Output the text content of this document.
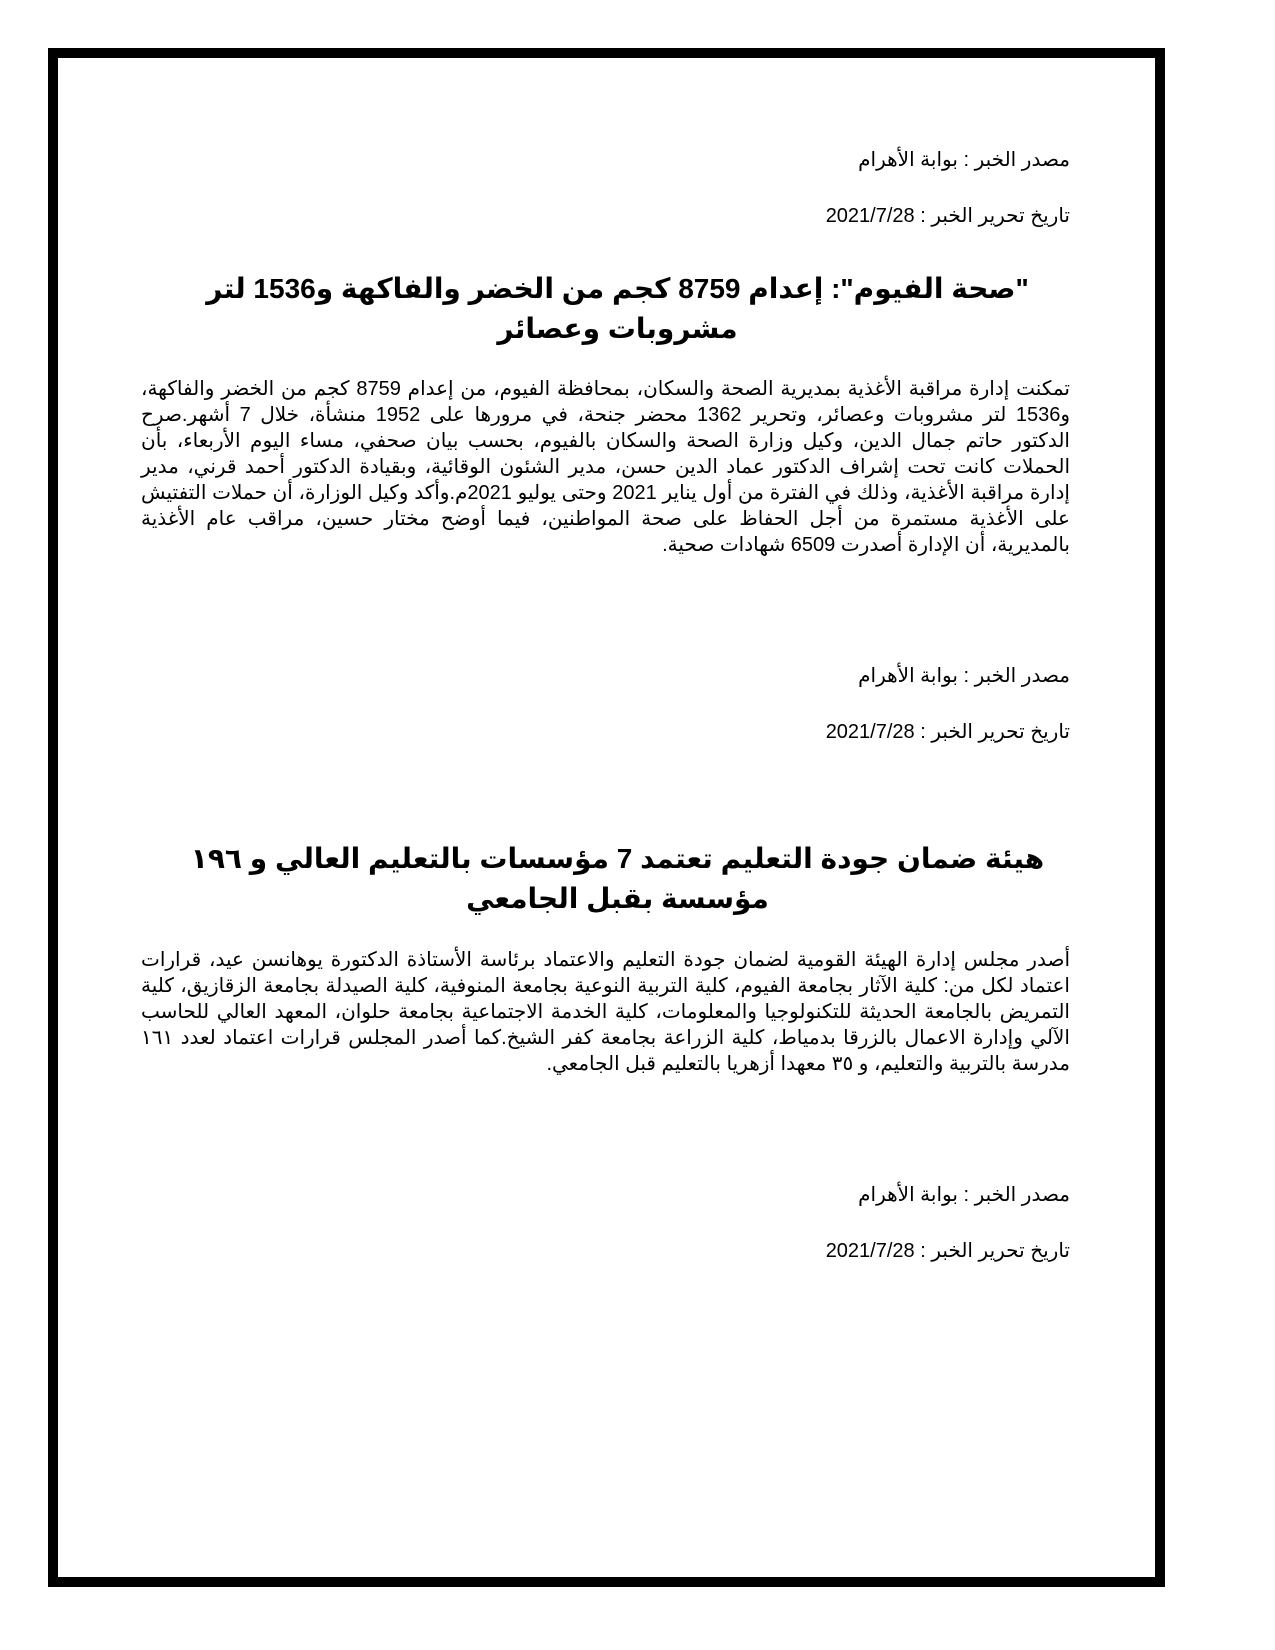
مصدر الخبر : بوابة الأهرام
تاريخ تحرير الخبر : 2021/7/28
"صحة الفيوم": إعدام 8759 كجم من الخضر والفاكهة و1536 لتر مشروبات وعصائر
تمكنت إدارة مراقبة الأغذية بمديرية الصحة والسكان، بمحافظة الفيوم، من إعدام 8759 كجم من الخضر والفاكهة، و1536 لتر مشروبات وعصائر، وتحرير 1362 محضر جنحة، في مرورها على 1952 منشأة، خلال 7 أشهر.صرح الدكتور حاتم جمال الدين، وكيل وزارة الصحة والسكان بالفيوم، بحسب بيان صحفي، مساء اليوم الأربعاء، بأن الحملات كانت تحت إشراف الدكتور عماد الدين حسن، مدير الشئون الوقائية، وبقيادة الدكتور أحمد قرني، مدير إدارة مراقبة الأغذية، وذلك في الفترة من أول يناير 2021 وحتى يوليو 2021م.وأكد وكيل الوزارة، أن حملات التفتيش على الأغذية مستمرة من أجل الحفاظ على صحة المواطنين، فيما أوضح مختار حسين، مراقب عام الأغذية بالمديرية، أن الإدارة أصدرت 6509 شهادات صحية.
مصدر الخبر : بوابة الأهرام
تاريخ تحرير الخبر : 2021/7/28
هيئة ضمان جودة التعليم تعتمد 7 مؤسسات بالتعليم العالي و ١٩٦ مؤسسة بقبل الجامعي
أصدر مجلس إدارة الهيئة القومية لضمان جودة التعليم والاعتماد برئاسة الأستاذة الدكتورة يوهانسن عيد، قرارات اعتماد لكل من: كلية الآثار بجامعة الفيوم، كلية التربية النوعية بجامعة المنوفية، كلية الصيدلة بجامعة الزقازيق، كلية التمريض بالجامعة الحديثة للتكنولوجيا والمعلومات، كلية الخدمة الاجتماعية بجامعة حلوان، المعهد العالي للحاسب الآلي وإدارة الاعمال بالزرقا بدمياط، كلية الزراعة بجامعة كفر الشيخ.كما أصدر المجلس قرارات اعتماد لعدد ١٦١ مدرسة بالتربية والتعليم، و ٣٥ معهدا أزهريا بالتعليم قبل الجامعي.
مصدر الخبر : بوابة الأهرام
تاريخ تحرير الخبر : 2021/7/28
